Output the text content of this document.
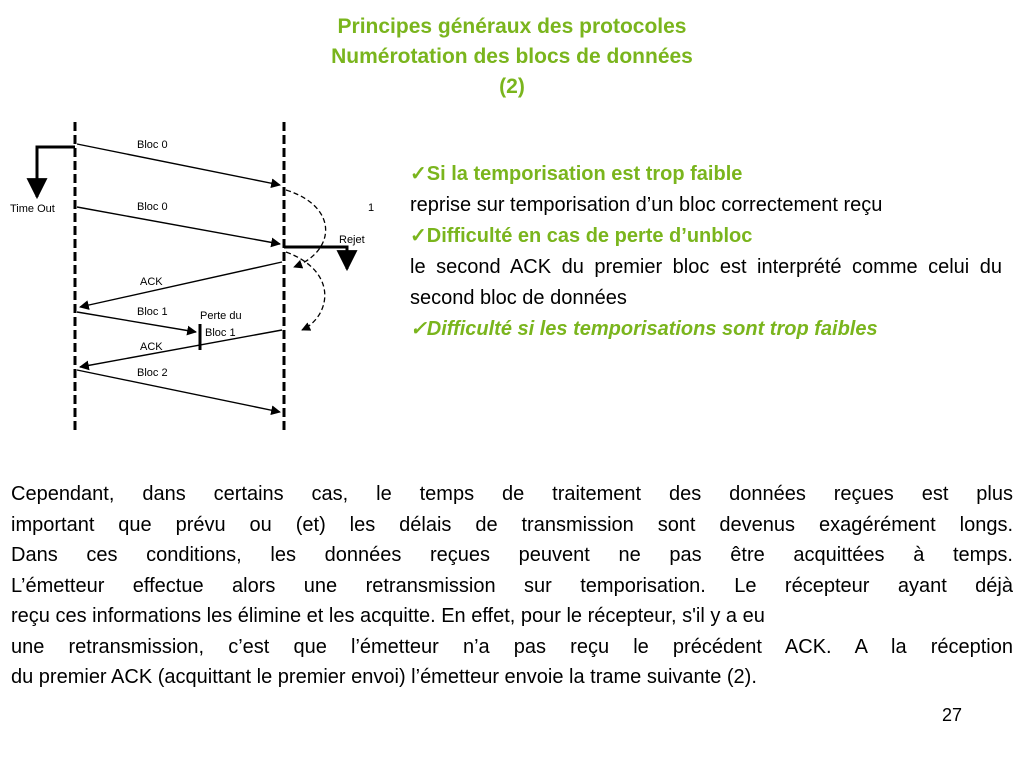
Principes généraux des protocoles
Numérotation des blocs de données
(2)
Time Out
Bloc 0
Bloc 0
Rejet
1
ACK
Bloc 1	Perte du
Bloc 1
ACK
Bloc 2
✓Si la temporisation est trop faible
reprise sur temporisation d’un bloc correctement reçu
✓Difficulté en cas de perte d’unbloc
le second ACK du premier bloc est interprété comme celui du second bloc de données
✓Difficulté si les temporisations sont trop faibles
Cependant, dans certains cas, le temps de traitement des données reçues est plus
important que prévu ou (et) les délais de transmission sont devenus exagérément longs.
Dans ces conditions, les données reçues peuvent ne pas être acquittées à temps.
L’émetteur effectue alors une retransmission sur temporisation. Le récepteur ayant déjà
reçu ces informations les élimine et les acquitte. En effet, pour le récepteur, s'il y a eu
une retransmission, c’est que l’émetteur n’a pas reçu le précédent ACK. A la réception
du premier ACK (acquittant le premier envoi) l’émetteur envoie la trame suivante (2).
27
